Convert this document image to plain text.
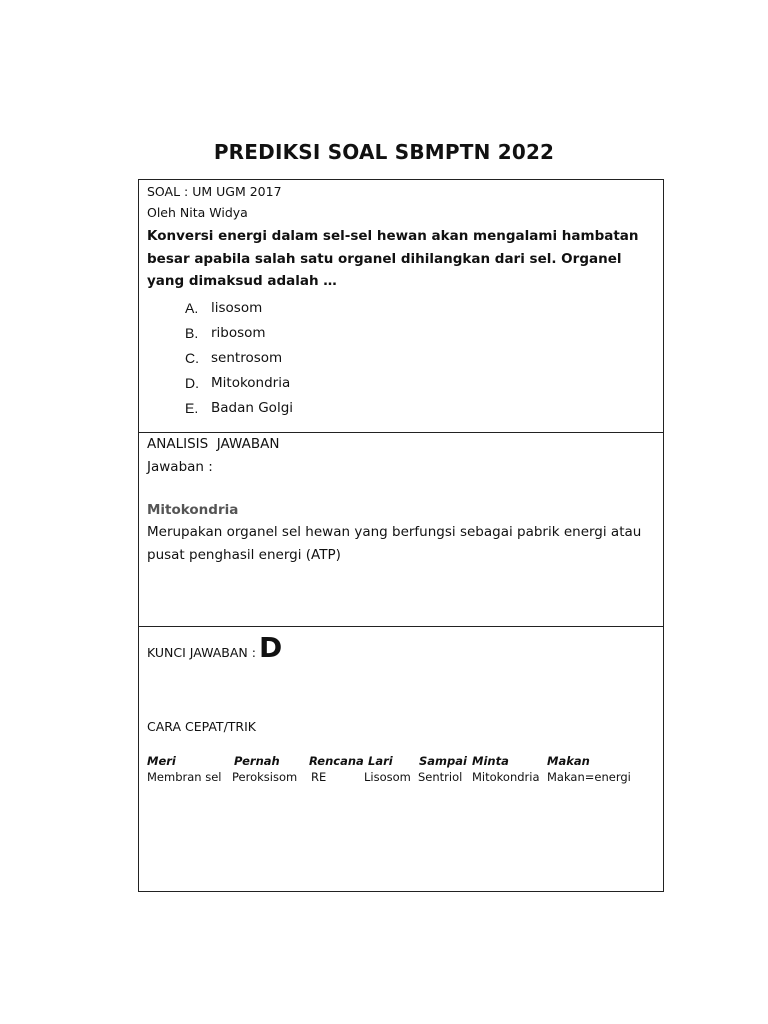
PREDIKSI SOAL SBMPTN 2022
SOAL : UM UGM 2017
Oleh Nita Widya
Konversi energi dalam sel-sel hewan akan mengalami hambatan besar apabila salah satu organel dihilangkan dari sel. Organel yang dimaksud adalah …
A. lisosom
B. ribosom
C. sentrosom
D. Mitokondria
E. Badan Golgi
ANALISIS  JAWABAN
Jawaban :
Mitokondria
Merupakan organel sel hewan yang berfungsi sebagai pabrik energi atau pusat penghasil energi (ATP)
KUNCI JAWABAN : D
CARA CEPAT/TRIK
Meri
Membran sel
Pernah
Peroksisom
Rencana
RE
Lari
Lisosom
Sampai
Sentriol
Minta
Mitokondria
Makan
Makan=energi
